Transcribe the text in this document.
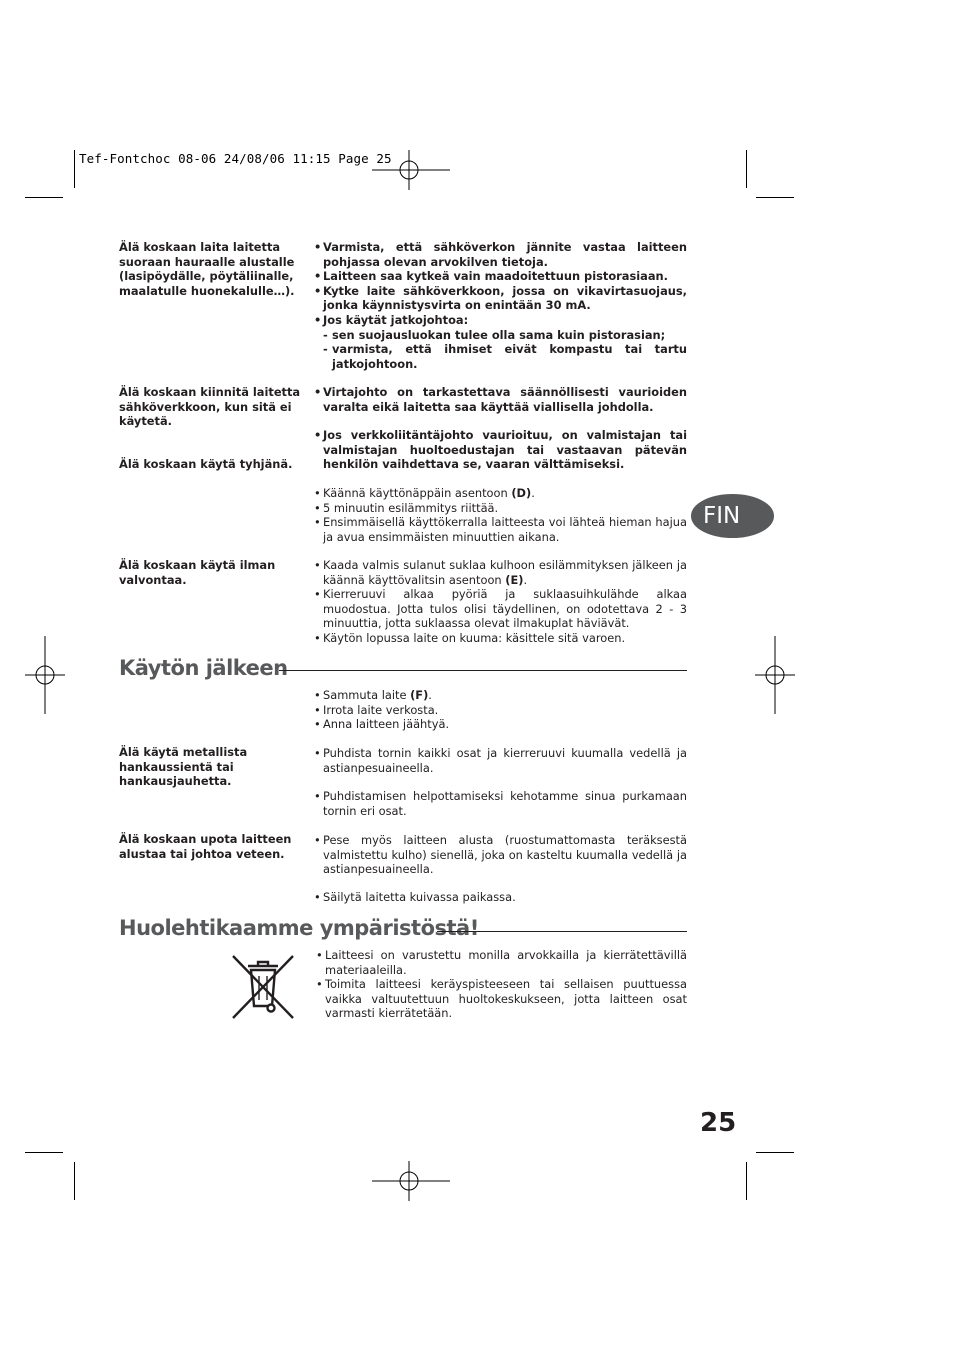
Tef-Fontchoc 08-06 24/08/06 11:15 Page 25
FIN
Älä koskaan laita laitetta suoraan hauraalle alustalle (lasipöydälle, pöytäliinalle, maalatulle huonekalulle…).
Älä koskaan kiinnitä laitetta sähköverkkoon, kun sitä ei käytetä.
Älä koskaan käytä tyhjänä.
Älä koskaan käytä ilman valvontaa.
Älä käytä metallista hankaussientä tai hankausjauhetta.
Älä koskaan upota laitteen alustaa tai johtoa veteen.

• Varmista, että sähköverkon jännite vastaa laitteen pohjassa olevan arvokilven tietoja.

• Laitteen saa kytkeä vain maadoitettuun pistorasiaan.

• Kytke laite sähköverkkoon, jossa on vikavirtasuojaus, jonka käynnistysvirta on enintään 30 mA.

• Jos käytät jatkojohtoa:

- sen suojausluokan tulee olla sama kuin pistorasian;

- varmista, että ihmiset eivät kompastu tai tartu jatkojohtoon.

• Virtajohto on tarkastettava säännöllisesti vaurioiden varalta eikä laitetta saa käyttää viallisella johdolla.

• Jos verkkoliitäntäjohto vaurioituu, on valmistajan tai valmistajan huoltoedustajan tai vastaavan pätevän henkilön vaihdettava se, vaaran välttämiseksi.

• Käännä käyttönäppäin asentoon (D).

• 5 minuutin esilämmitys riittää.

• Ensimmäisellä käyttökerralla laitteesta voi lähteä hieman hajua ja avua ensimmäisten minuuttien aikana.

• Kaada valmis sulanut suklaa kulhoon esilämmityksen jälkeen ja käännä käyttövalitsin asentoon (E).

• Kierreruuvi alkaa pyöriä ja suklaasuihkulähde alkaa muodostua. Jotta tulos olisi täydellinen, on odotettava 2 - 3 minuuttia, jotta suklaassa olevat ilmakuplat häviävät.

• Käytön lopussa laite on kuuma: käsittele sitä varoen.

Käytön jälkeen

• Sammuta laite (F).

• Irrota laite verkosta.

• Anna laitteen jäähtyä.

• Puhdista tornin kaikki osat ja kierreruuvi kuumalla vedellä ja astianpesuaineella.

• Puhdistamisen helpottamiseksi kehotamme sinua purkamaan tornin eri osat.

• Pese myös laitteen alusta (ruostumattomasta teräksestä valmistettu kulho) sienellä, joka on kasteltu kuumalla vedellä ja astianpesuaineella.

• Säilytä laitetta kuivassa paikassa.

Huolehtikaamme ympäristöstä!

• Laitteesi on varustettu monilla arvokkailla ja kierrätettävillä materiaaleilla.

• Toimita laitteesi keräyspisteeseen tai sellaisen puuttuessa vaikka valtuutettuun huoltokeskukseen, jotta laitteen osat varmasti kierrätetään.

25
